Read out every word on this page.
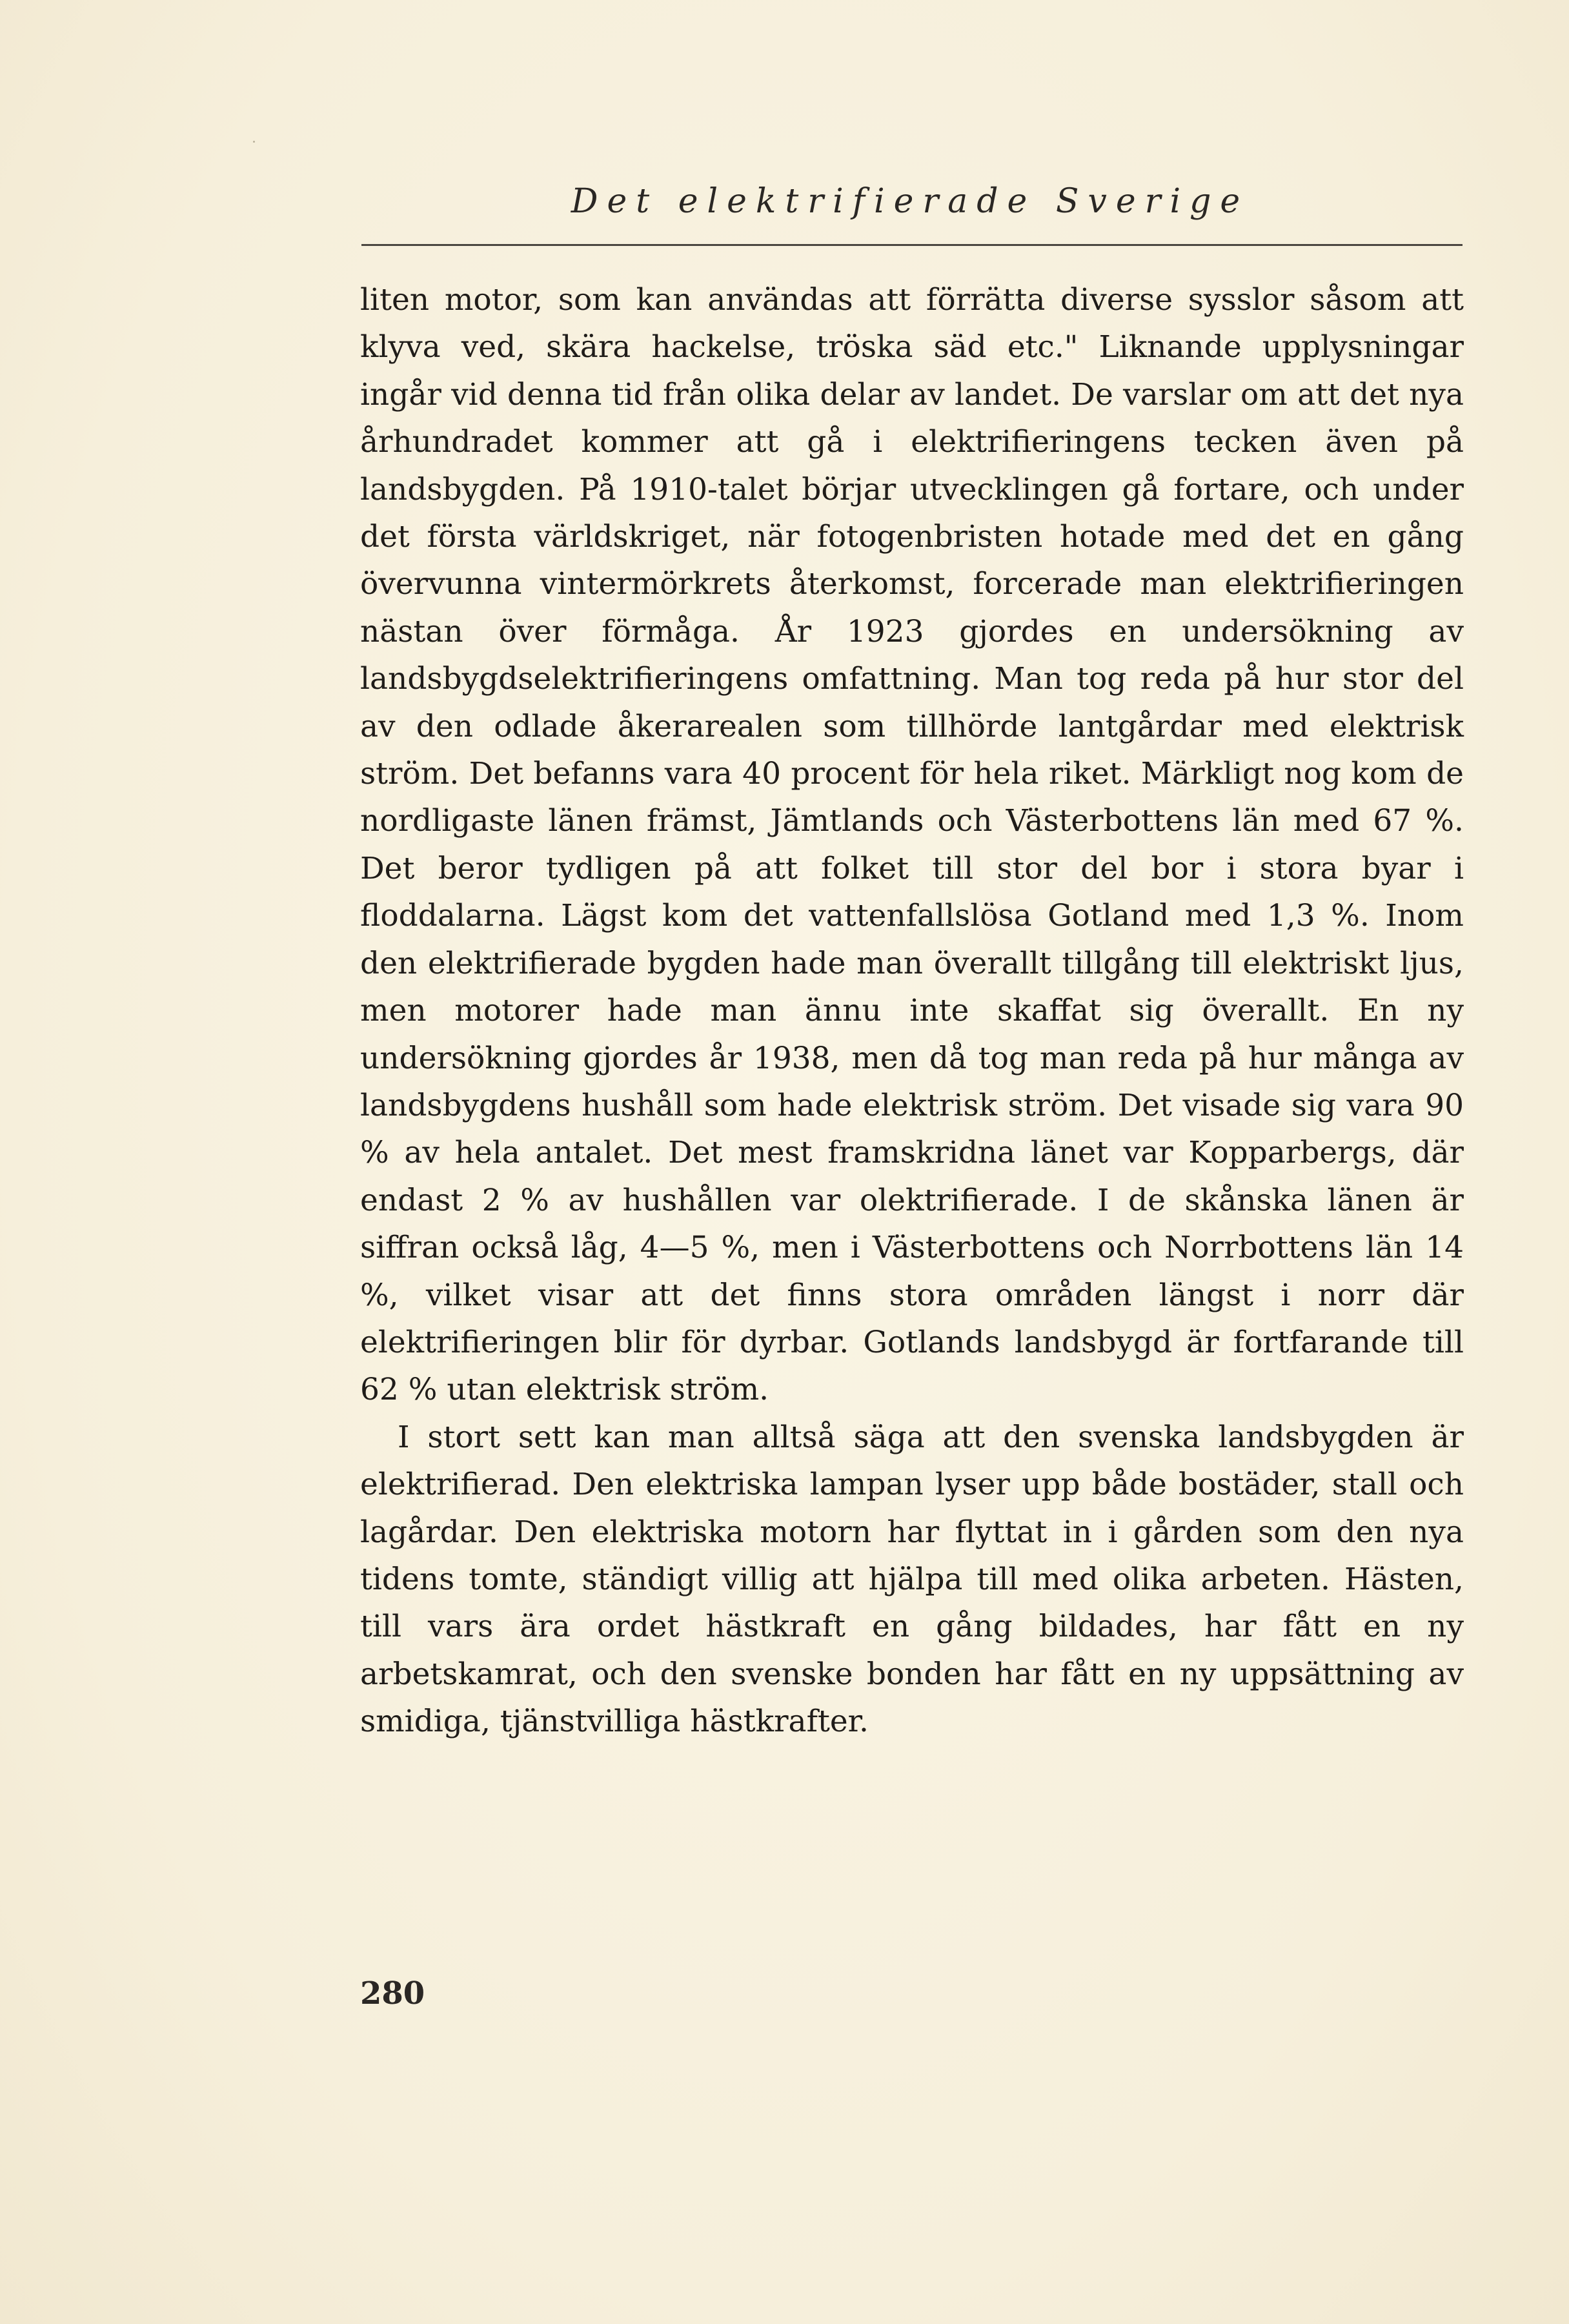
Det elektrifierade Sverige

liten motor, som kan användas att förrätta diverse sysslor såsom att klyva ved, skära hackelse, tröska säd etc." Liknande upplysningar ingår vid denna tid från olika delar av landet. De varslar om att det nya århundradet kommer att gå i elektrifieringens tecken även på landsbygden. På 1910-talet börjar utvecklingen gå fortare, och under det första världskriget, när fotogenbristen hotade med det en gång övervunna vintermörkrets återkomst, forcerade man elektrifieringen nästan över förmåga. År 1923 gjordes en undersökning av landsbygdselektrifieringens omfattning. Man tog reda på hur stor del av den odlade åkerarealen som tillhörde lantgårdar med elektrisk ström. Det befanns vara 40 procent för hela riket. Märkligt nog kom de nordligaste länen främst, Jämtlands och Västerbottens län med 67 %. Det beror tydligen på att folket till stor del bor i stora byar i floddalarna. Lägst kom det vattenfallslösa Gotland med 1,3 %. Inom den elektrifierade bygden hade man överallt tillgång till elektriskt ljus, men motorer hade man ännu inte skaffat sig överallt. En ny undersökning gjordes år 1938, men då tog man reda på hur många av landsbygdens hushåll som hade elektrisk ström. Det visade sig vara 90 % av hela antalet. Det mest framskridna länet var Kopparbergs, där endast 2 % av hushållen var olektrifierade. I de skånska länen är siffran också låg, 4—5 %, men i Västerbottens och Norrbottens län 14 %, vilket visar att det finns stora områden längst i norr där elektrifieringen blir för dyrbar. Gotlands landsbygd är fortfarande till 62 % utan elektrisk ström.

I stort sett kan man alltså säga att den svenska landsbygden är elektrifierad. Den elektriska lampan lyser upp både bostäder, stall och lagårdar. Den elektriska motorn har flyttat in i gården som den nya tidens tomte, ständigt villig att hjälpa till med olika arbeten. Hästen, till vars ära ordet hästkraft en gång bildades, har fått en ny arbetskamrat, och den svenske bonden har fått en ny uppsättning av smidiga, tjänstvilliga hästkrafter.

280
